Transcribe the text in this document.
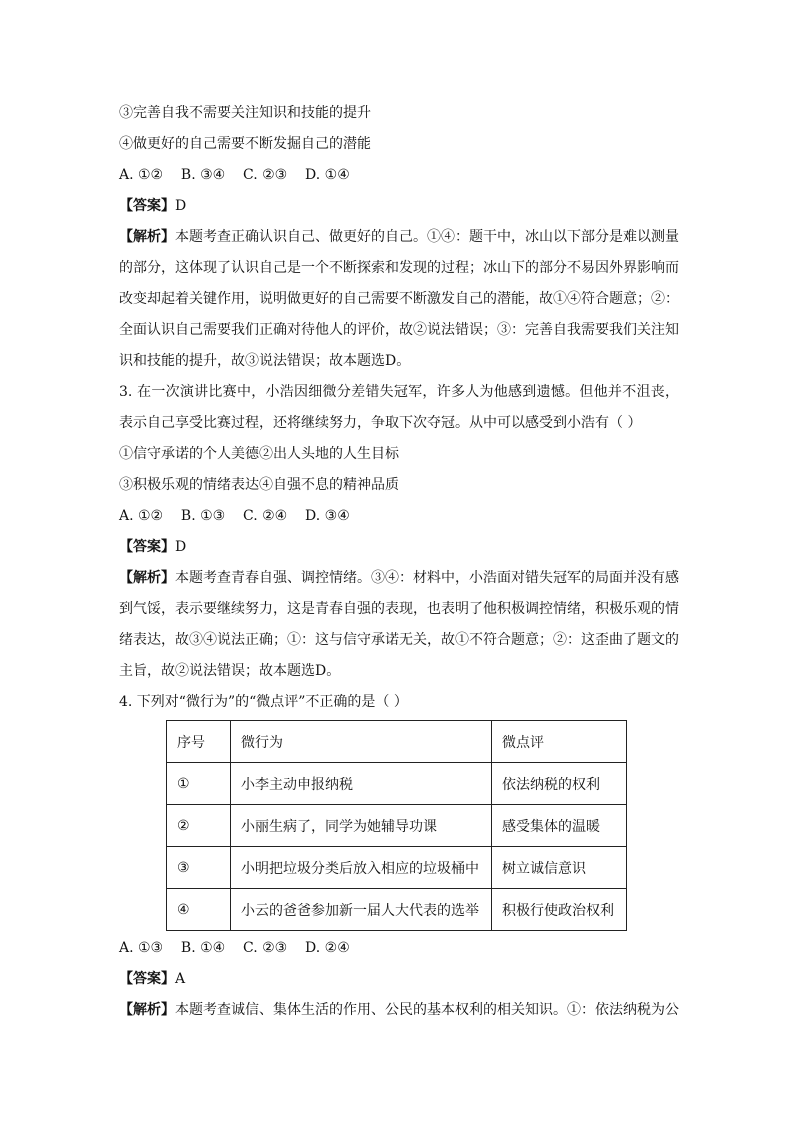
③完善自我不需要关注知识和技能的提升
④做更好的自己需要不断发掘自己的潜能
A. ①②    B. ③④    C. ②③    D. ①④
【答案】D
【解析】本题考查正确认识自己、做更好的自己。①④：题干中，冰山以下部分是难以测量的部分，这体现了认识自己是一个不断探索和发现的过程；冰山下的部分不易因外界影响而改变却起着关键作用，说明做更好的自己需要不断激发自己的潜能，故①④符合题意；②：全面认识自己需要我们正确对待他人的评价，故②说法错误；③：完善自我需要我们关注知识和技能的提升，故③说法错误；故本题选D。
3. 在一次演讲比赛中，小浩因细微分差错失冠军，许多人为他感到遗憾。但他并不沮丧，表示自己享受比赛过程，还将继续努力，争取下次夺冠。从中可以感受到小浩有（ ）
①信守承诺的个人美德②出人头地的人生目标
③积极乐观的情绪表达④自强不息的精神品质
A. ①②    B. ①③    C. ②④    D. ③④
【答案】D
【解析】本题考查青春自强、调控情绪。③④：材料中，小浩面对错失冠军的局面并没有感到气馁，表示要继续努力，这是青春自强的表现，也表明了他积极调控情绪，积极乐观的情绪表达，故③④说法正确；①：这与信守承诺无关，故①不符合题意；②：这歪曲了题文的主旨，故②说法错误；故本题选D。
4. 下列对“微行为”的“微点评”不正确的是（ ）
序号	微行为	微点评
①	小李主动申报纳税	依法纳税的权利
②	小丽生病了，同学为她辅导功课	感受集体的温暖
③	小明把垃圾分类后放入相应的垃圾桶中	树立诚信意识
④	小云的爸爸参加新一届人大代表的选举	积极行使政治权利
A. ①③    B. ①④    C. ②③    D. ②④
【答案】A
【解析】本题考查诚信、集体生活的作用、公民的基本权利的相关知识。①：依法纳税为公
